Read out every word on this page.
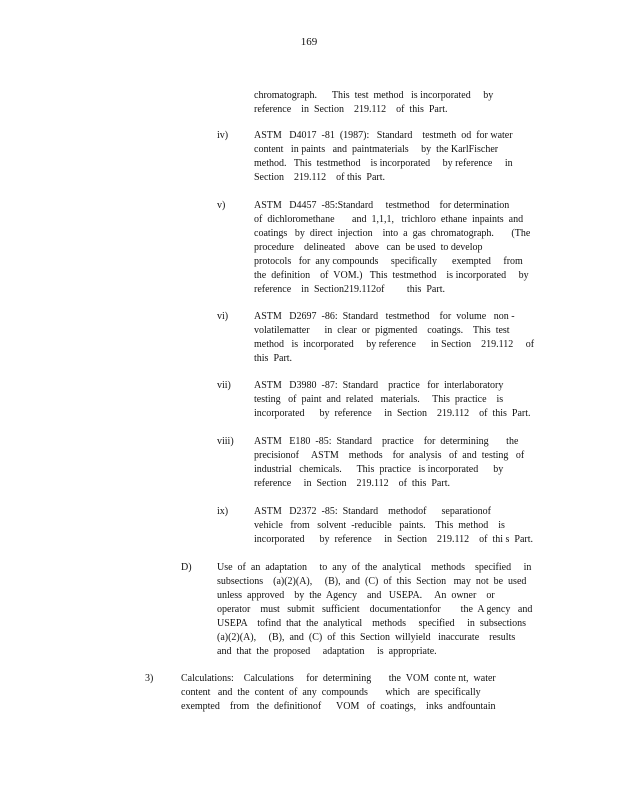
169

chromatograph.      This  test  method   is incorporated     by

reference    in  Section    219.112    of  this  Part.

iv)	ASTM   D4017  -81  (1987):   Standard    testmeth  od  for water

content   in paints   and  paintmaterials     by  the KarlFischer

method.   This  testmethod    is incorporated     by reference     in

Section    219.112    of this  Part.

v)	ASTM   D4457  -85:Standard     testmethod    for determination

of  dichloromethane       and  1,1,1,   trichloro  ethane  inpaints  and

coatings   by  direct  injection    into  a  gas  chromatograph.       (The

procedure    delineated    above   can  be used  to develop

protocols   for  any compounds     specifically      exempted     from

the  definition    of  VOM.)   This  testmethod    is incorporated     by

reference    in  Section219.112of         this  Part.

vi)	ASTM   D2697  -86:  Standard   testmethod    for  volume   non -

volatilematter      in  clear  or  pigmented    coatings.    This  test

method   is  incorporated     by reference      in Section    219.112     of

this  Part.

vii) ASTM   D3980  -87:  Standard    practice   for  interlaboratory

testing   of  paint  and  related   materials.     This  practice    is

incorporated      by  reference     in  Section    219.112    of  this  Part.

viii) ASTM   E180  -85:  Standard    practice    for  determining       the

precisionof     ASTM    methods    for  analysis   of  and  testing   of

industrial   chemicals.      This  practice   is incorporated      by

reference     in  Section    219.112    of  this  Part.

ix)	ASTM   D2372  -85:  Standard    methodof      separationof

vehicle   from   solvent  -reducible   paints.    This  method    is

incorporated      by  reference     in  Section    219.112    of  thi s  Part.

D)	Use  of  an  adaptation     to  any  of  the  analytical    methods    specified     in

subsections    (a)(2)(A),     (B),  and  (C)  of  this  Section   may  not  be  used

unless  approved    by  the  Agency    and   USEPA.     An  owner    or

operator    must   submit   sufficient    documentationfor        the  A gency   and

USEPA    tofind  that  the  analytical    methods     specified     in  subsections

(a)(2)(A),     (B),  and  (C)  of  this  Section  willyield   inaccurate    results

and  that  the  proposed     adaptation     is  appropriate.

3)	Calculations:    Calculations     for  determining       the  VOM  conte nt,  water

content   and  the  content  of  any  compounds       which   are  specifically

exempted    from   the  definitionof      VOM   of  coatings,    inks  andfountain
